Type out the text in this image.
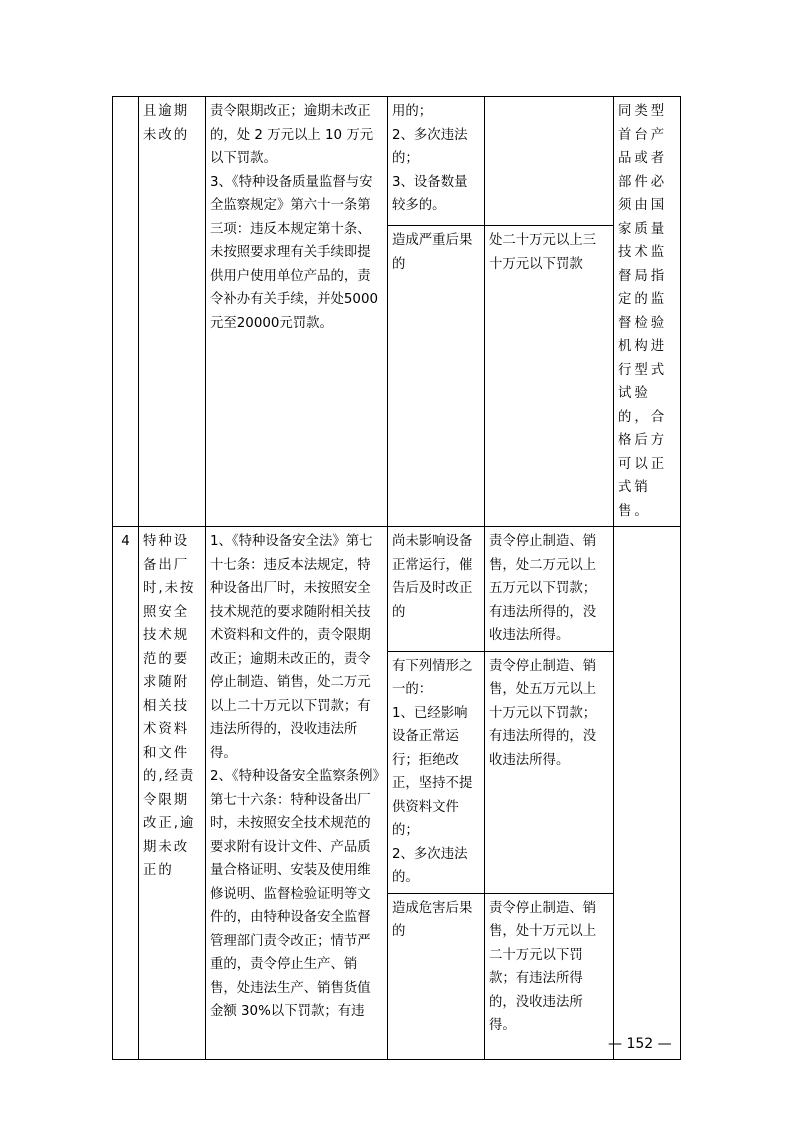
	且逾期未改的	责令限期改正；逾期未改正的，处 2 万元以上 10 万元以下罚款。
3、《特种设备质量监督与安全监察规定》第六十一条第三项：违反本规定第十条、未按照要求理有关手续即提供用户使用单位产品的，责令补办有关手续，并处5000元至20000元罚款。	用的；
2、多次违法的；
3、设备数量较多的。		同类型首台产品或者部件必须由国家质量技术监督局指定的监督检验机构进行型式试验的，合格后方可以正式销售。
			造成严重后果的	处二十万元以上三十万元以下罚款	
4	特种设备出厂时,未按照安全技术规范的要求随附相关技术资料和文件的,经责令限期改正,逾期未改正的	1、《特种设备安全法》第七十七条：违反本法规定，特种设备出厂时，未按照安全技术规范的要求随附相关技术资料和文件的，责令限期改正；逾期未改正的，责令停止制造、销售，处二万元以上二十万元以下罚款；有违法所得的，没收违法所得。
2、《特种设备安全监察条例》第七十六条：特种设备出厂时，未按照安全技术规范的要求附有设计文件、产品质量合格证明、安装及使用维修说明、监督检验证明等文件的，由特种设备安全监督管理部门责令改正；情节严重的，责令停止生产、销售，处违法生产、销售货值金额 30%以下罚款；有违	尚未影响设备正常运行，催告后及时改正的	责令停止制造、销售，处二万元以上五万元以下罚款；有违法所得的，没收违法所得。	
			有下列情形之一的：
1、已经影响设备正常运行；拒绝改正，坚持不提供资料文件的；
2、多次违法的。	责令停止制造、销售，处五万元以上十万元以下罚款；有违法所得的，没收违法所得。	
			造成危害后果的	责令停止制造、销售，处十万元以上二十万元以下罚款；有违法所得的，没收违法所得。	
— 152 —
